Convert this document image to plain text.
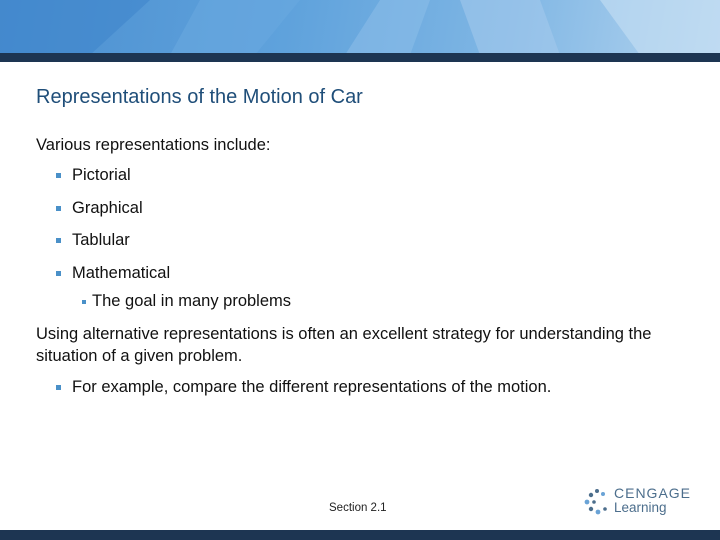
Representations of the Motion of Car
Various representations include:
Pictorial
Graphical
Tablular
Mathematical
The goal in many problems
Using alternative representations is often an excellent strategy for understanding the situation of a given problem.
For example, compare the different representations of the motion.
Section 2.1
CENGAGE
Learning
